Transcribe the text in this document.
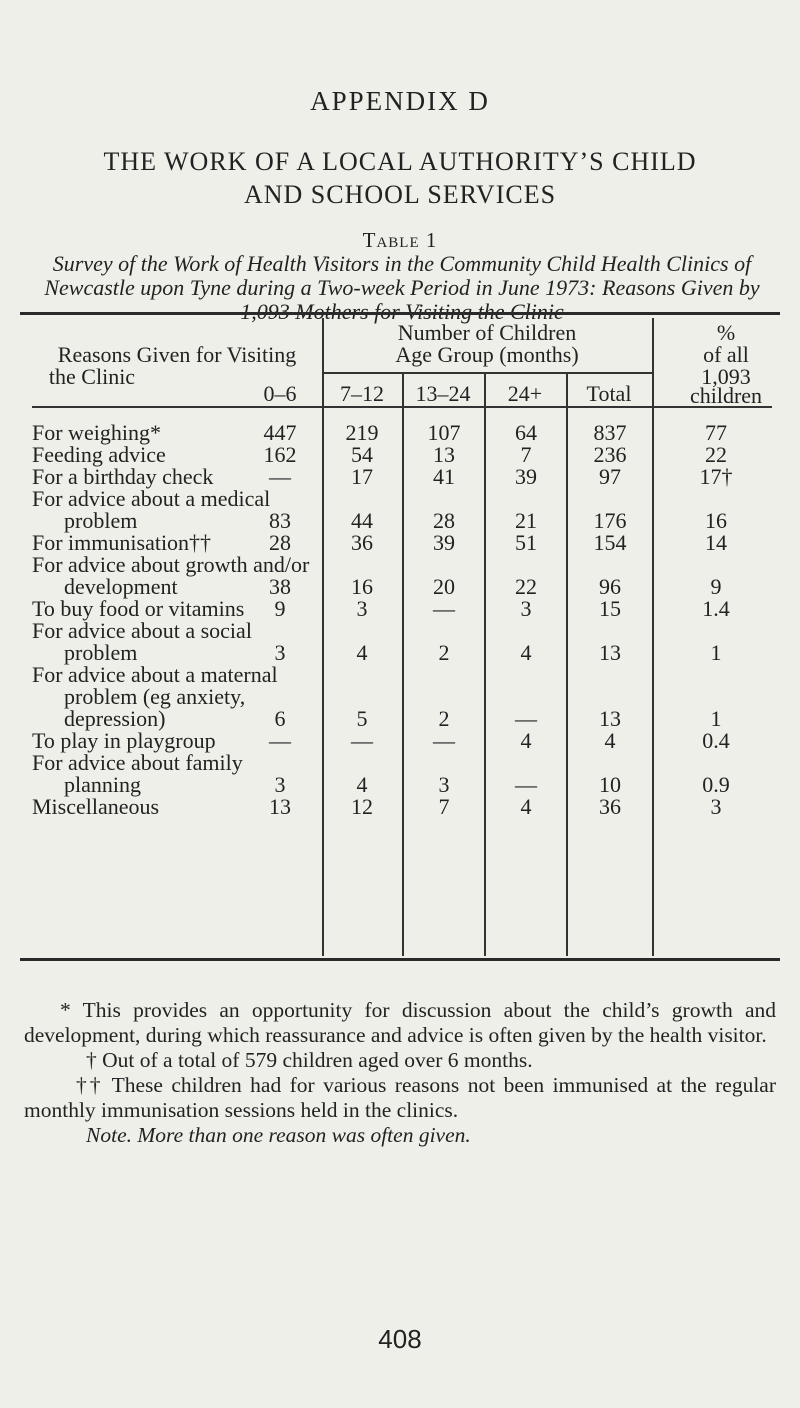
APPENDIX D
THE WORK OF A LOCAL AUTHORITY’S CHILD
AND SCHOOL SERVICES
Table 1
Survey of the Work of Health Visitors in the Community Child Health Clinics of Newcastle upon Tyne during a Two-week Period in June 1973: Reasons Given by
Reasons Given for Visiting
the Clinic
Number of Children
Age Group (months)
%
of all
1,093
children
0–6	7–12	13–24	24+	Total
For weighing*	447	219	107	64	837	77
Feeding advice	162	54	13	7	236	22
For a birthday check	—	17	41	39	97	17†
For advice about a medical
problem	83	44	28	21	176	16
For immunisation††	28	36	39	51	154	14
For advice about growth and/or
development	38	16	20	22	96	9
To buy food or vitamins	9	3	—	3	15	1.4
For advice about a social
problem	3	4	2	4	13	1
For advice about a maternal
problem (eg anxiety,
depression)	6	5	2	—	13	1
To play in playgroup	—	—	—	4	4	0.4
For advice about family
planning	3	4	3	—	10	0.9
Miscellaneous	13	12	7	4	36	3

* This provides an opportunity for discussion about the child’s growth and development, during which reassurance and advice is often given by the health visitor.

† Out of a total of 579 children aged over 6 months.

†† These children had for various reasons not been immunised at the regular monthly immunisation sessions held in the clinics.

Note. More than one reason was often given.

408
